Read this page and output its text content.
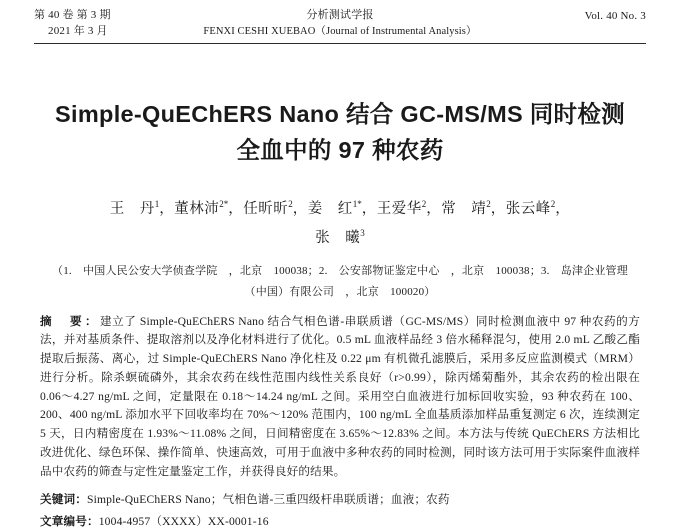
第 40 卷 第 3 期
2021 年 3 月
分析测试学报
FENXI CESHI XUEBAO（Journal of Instrumental Analysis）
Vol. 40 No. 3
Simple-QuEChERS Nano 结合 GC-MS/MS 同时检测
全血中的 97 种农药
王　丹$^1$，董林沛$^{2*}$，任昕昕$^2$，姜　红$^{1*}$，王爱华$^2$，常　靖$^2$，张云峰$^2$，
张　曦$^3$
（1.　中国人民公安大学侦查学院　，北京　100038；2.　公安部物证鉴定中心　，北京　100038；3.　岛津企业管理
（中国）有限公司　，北京　100020）
摘　要：建立了 Simple-QuEChERS Nano 结合气相色谱-串联质谱（GC-MS/MS）同时检测血液中 97 种农药的方法，并对基质条件、提取溶剂以及净化材料进行了优化。0.5 mL 血液样品经 3 倍水稀释混匀，使用 2.0 mL 乙酸乙酯提取后振荡、离心，过 Simple-QuEChERS Nano 净化柱及 0.22 μm 有机微孔滤膜后，采用多反应监测模式（MRM）进行分析。除杀螟硫磷外，其余农药在线性范围内线性关系良好（r>0.99），除丙烯菊酯外，其余农药的检出限在 0.06～4.27 ng/mL 之间，定量限在 0.18～14.24 ng/mL 之间。采用空白血液进行加标回收实验，93 种农药在 100、200、400 ng/mL 添加水平下回收率均在 70%～120% 范围内，100 ng/mL 全血基质添加样品重复测定 6 次，连续测定 5 天，日内精密度在 1.93%～11.08% 之间，日间精密度在 3.65%～12.83% 之间。本方法与传统 QuEChERS 方法相比改进优化、绿色环保、操作简单、快速高效，可用于血液中多种农药的同时检测，同时该方法可用于实际案件血液样品中农药的筛查与定性定量鉴定工作，并获得良好的结果。
关键词：Simple-QuEChERS Nano；气相色谱-三重四级杆串联质谱；血液；农药
文章编号：1004-4957（XXXX）XX-0001-16
